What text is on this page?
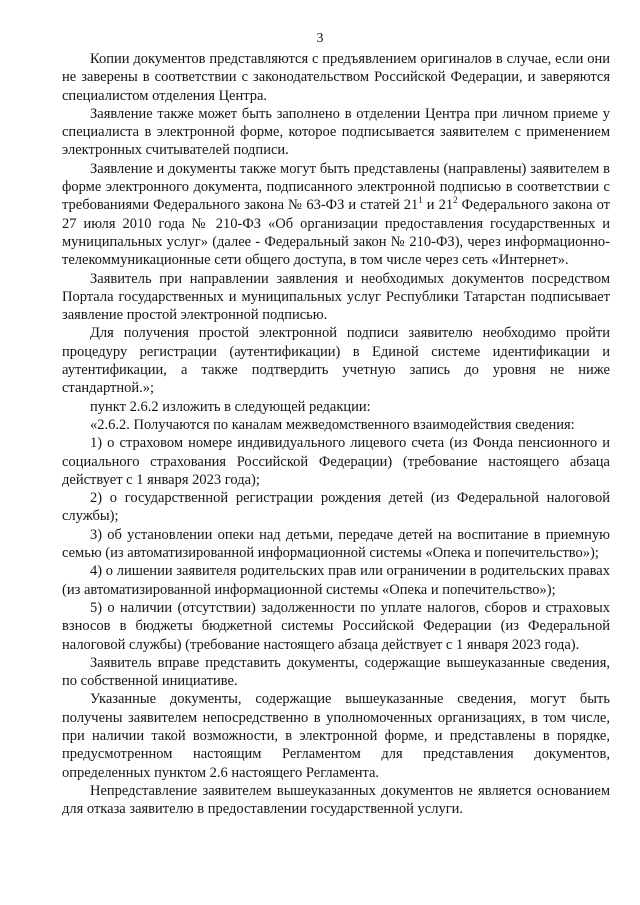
3

Копии документов представляются с предъявлением оригиналов в случае, если они не заверены в соответствии с законодательством Российской Федерации, и заверяются специалистом отделения Центра.

Заявление также может быть заполнено в отделении Центра при личном приеме у специалиста в электронной форме, которое подписывается заявителем с применением электронных считывателей подписи.

Заявление и документы также могут быть представлены (направлены) заявителем в форме электронного документа, подписанного электронной подписью в соответствии с требованиями Федерального закона № 63-ФЗ и статей $21^1$ и $21^2$ Федерального закона от 27 июля 2010 года № 210-ФЗ «Об организации предоставления государственных и муниципальных услуг» (далее - Федеральный закон № 210-ФЗ), через информационно-телекоммуникационные сети общего доступа, в том числе через сеть «Интернет».

Заявитель при направлении заявления и необходимых документов посредством Портала государственных и муниципальных услуг Республики Татарстан подписывает заявление простой электронной подписью.

Для получения простой электронной подписи заявителю необходимо пройти процедуру регистрации (аутентификации) в Единой системе идентификации и аутентификации, а также подтвердить учетную запись до уровня не ниже стандартной.»;

пункт 2.6.2 изложить в следующей редакции:

«2.6.2. Получаются по каналам межведомственного взаимодействия сведения:

1) о страховом номере индивидуального лицевого счета (из Фонда пенсионного и социального страхования Российской Федерации) (требование настоящего абзаца действует с 1 января 2023 года);

2) о государственной регистрации рождения детей (из Федеральной налоговой службы);

3) об установлении опеки над детьми, передаче детей на воспитание в приемную семью (из автоматизированной информационной системы «Опека и попечительство»);

4) о лишении заявителя родительских прав или ограничении в родительских правах (из автоматизированной информационной системы «Опека и попечительство»);

5) о наличии (отсутствии) задолженности по уплате налогов, сборов и страховых взносов в бюджеты бюджетной системы Российской Федерации (из Федеральной налоговой службы) (требование настоящего абзаца действует с 1 января 2023 года).

Заявитель вправе представить документы, содержащие вышеуказанные сведения, по собственной инициативе.

Указанные документы, содержащие вышеуказанные сведения, могут быть получены заявителем непосредственно в уполномоченных организациях, в том числе, при наличии такой возможности, в электронной форме, и представлены в порядке, предусмотренном настоящим Регламентом для представления документов, определенных пунктом 2.6 настоящего Регламента.

Непредставление заявителем вышеуказанных документов не является основанием для отказа заявителю в предоставлении государственной услуги.
